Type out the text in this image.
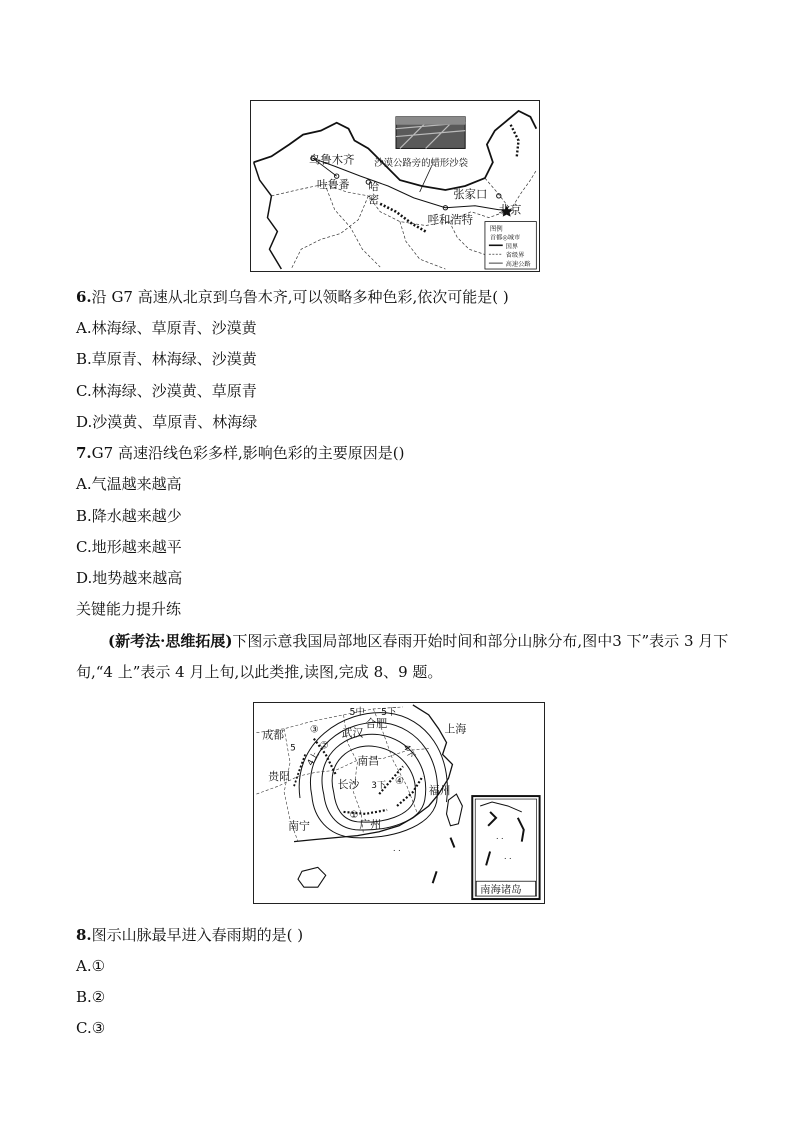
乌鲁木齐
吐鲁番 哈密
沙漠公路旁的蜡形沙袋
张家口
北京
呼和浩特
图例
首都◎城市
国界
省级界
高速公路
6.沿 G7 高速从北京到乌鲁木齐,可以领略多种色彩,依次可能是( )
A.林海绿、草原青、沙漠黄
B.草原青、林海绿、沙漠黄
C.林海绿、沙漠黄、草原青
D.沙漠黄、草原青、林海绿
7.G7 高速沿线色彩多样,影响色彩的主要原因是()
A.气温越来越高
B.降水越来越少
C.地形越来越平
D.地势越来越高
关键能力提升练
(新考法·思维拓展)下图示意我国局部地区春雨开始时间和部分山脉分布,图中3 下”表示 3 月下旬,“4 上”表示 4 月上旬,以此类推,读图,完成 8、9 题。
· ·
成都	武汉
合肥	上海
贵阳
南昌
长沙	福州
南宁	广州
5中 5下
4上
3下
4下
5
①
②
③
④
· ·
· ·
南海诸岛
8.图示山脉最早进入春雨期的是( )
A.①
B.②
C.③
